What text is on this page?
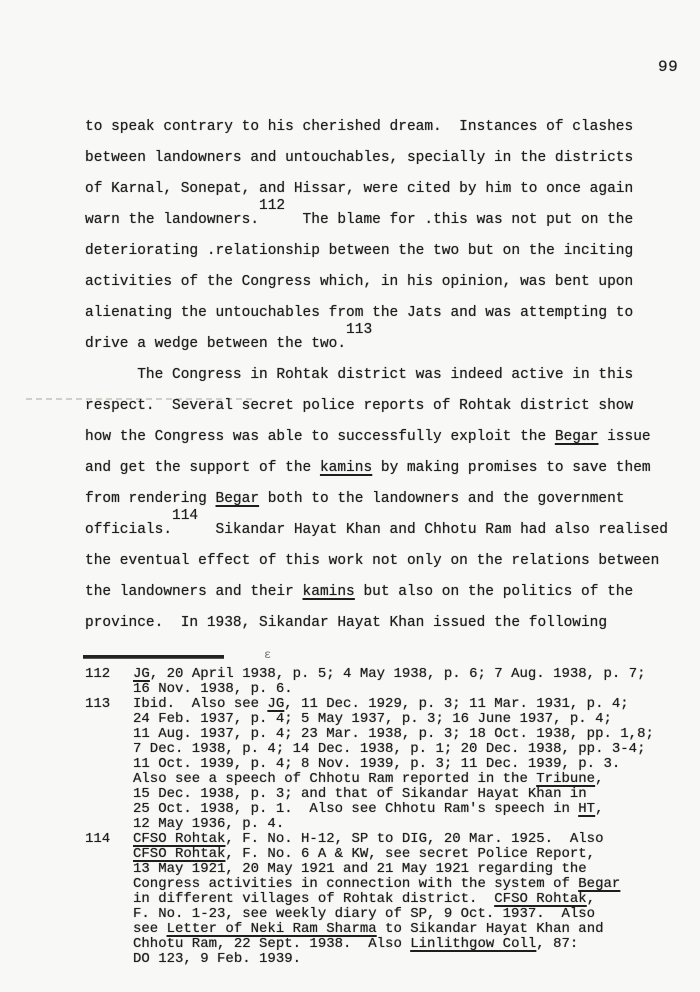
99
to speak contrary to his cherished dream.  Instances of clashes
between landowners and untouchables, specially in the districts
of Karnal, Sonepat, and Hissar, were cited by him to once again
warn the landowners.112  The blame for .this was not put on the
deteriorating .relationship between the two but on the inciting
activities of the Congress which, in his opinion, was bent upon
alienating the untouchables from the Jats and was attempting to
drive a wedge between the two.113
The Congress in Rohtak district was indeed active in this
respect.  Several secret police reports of Rohtak district show
how the Congress was able to successfully exploit the Begar issue
and get the support of the kamins by making promises to save them
from rendering Begar both to the landowners and the government
officials.114  Sikandar Hayat Khan and Chhotu Ram had also realised
the eventual effect of this work not only on the relations between
the landowners and their kamins but also on the politics of the
province.  In 1938, Sikandar Hayat Khan issued the following
ε
112	JG, 20 April 1938, p. 5; 4 May 1938, p. 6; 7 Aug. 1938, p. 7;
16 Nov. 1938, p. 6.
113	Ibid.  Also see JG, 11 Dec. 1929, p. 3; 11 Mar. 1931, p. 4;
24 Feb. 1937, p. 4; 5 May 1937, p. 3; 16 June 1937, p. 4;
11 Aug. 1937, p. 4; 23 Mar. 1938, p. 3; 18 Oct. 1938, pp. 1,8;
7 Dec. 1938, p. 4; 14 Dec. 1938, p. 1; 20 Dec. 1938, pp. 3-4;
11 Oct. 1939, p. 4; 8 Nov. 1939, p. 3; 11 Dec. 1939, p. 3.
Also see a speech of Chhotu Ram reported in the Tribune,
15 Dec. 1938, p. 3; and that of Sikandar Hayat Khan in
25 Oct. 1938, p. 1.  Also see Chhotu Ram's speech in HT,
12 May 1936, p. 4.
114	CFSO Rohtak, F. No. H-12, SP to DIG, 20 Mar. 1925.  Also
CFSO Rohtak, F. No. 6 A & KW, see secret Police Report,
13 May 1921, 20 May 1921 and 21 May 1921 regarding the
Congress activities in connection with the system of Begar
in different villages of Rohtak district.  CFSO Rohtak,
F. No. 1-23, see weekly diary of SP, 9 Oct. 1937.  Also
see Letter of Neki Ram Sharma to Sikandar Hayat Khan and
Chhotu Ram, 22 Sept. 1938.  Also Linlithgow Coll, 87:
DO 123, 9 Feb. 1939.
